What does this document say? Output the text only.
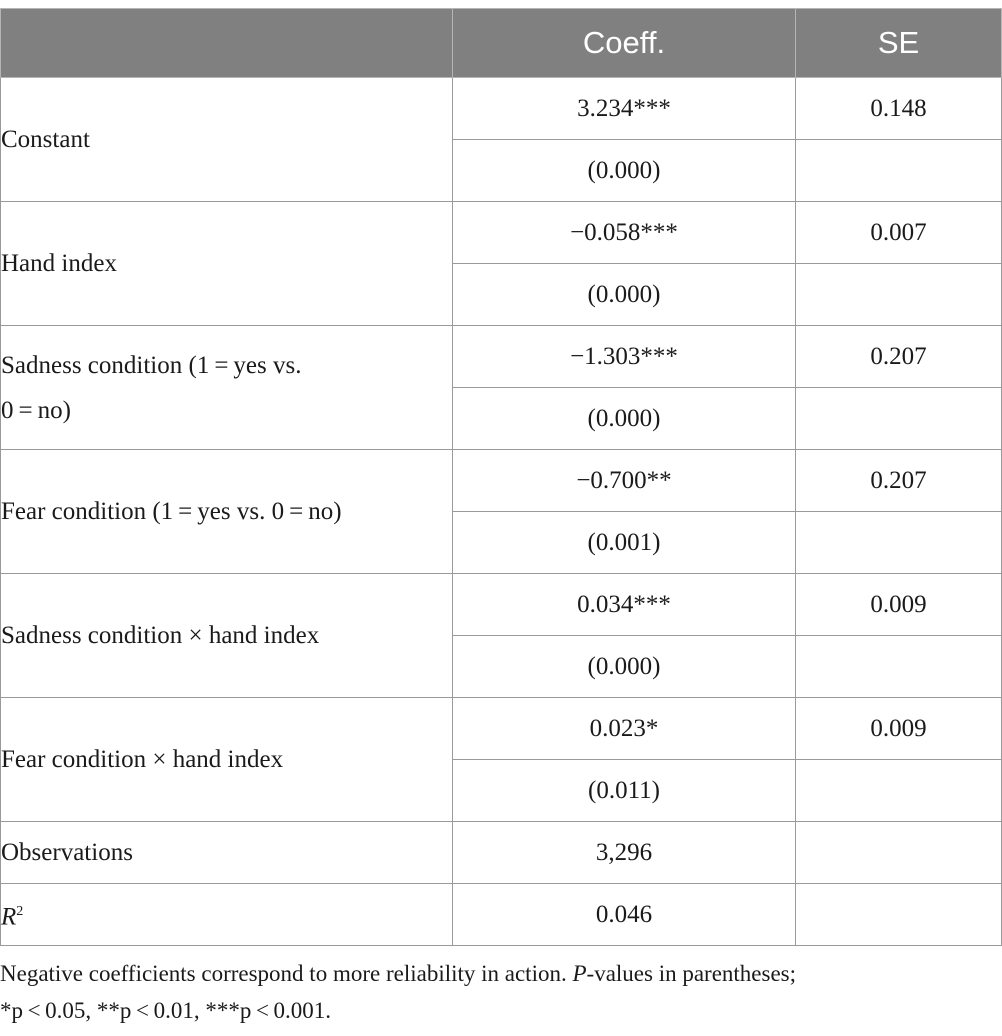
	Coeff.	SE
Constant	3.234***	0.148
	(0.000)	
Hand index	−0.058***	0.007
	(0.000)	
Sadness condition (1 = yes vs.
0 = no)	−1.303***	0.207
	(0.000)	
Fear condition (1 = yes vs. 0 = no)	−0.700**	0.207
	(0.001)	
Sadness condition × hand index	0.034***	0.009
	(0.000)	
Fear condition × hand index	0.023*	0.009
	(0.011)	
Observations	3,296	
$R^2$	0.046	
Negative coefficients correspond to more reliability in action. P-values in parentheses;
*p < 0.05, **p < 0.01, ***p < 0.001.
